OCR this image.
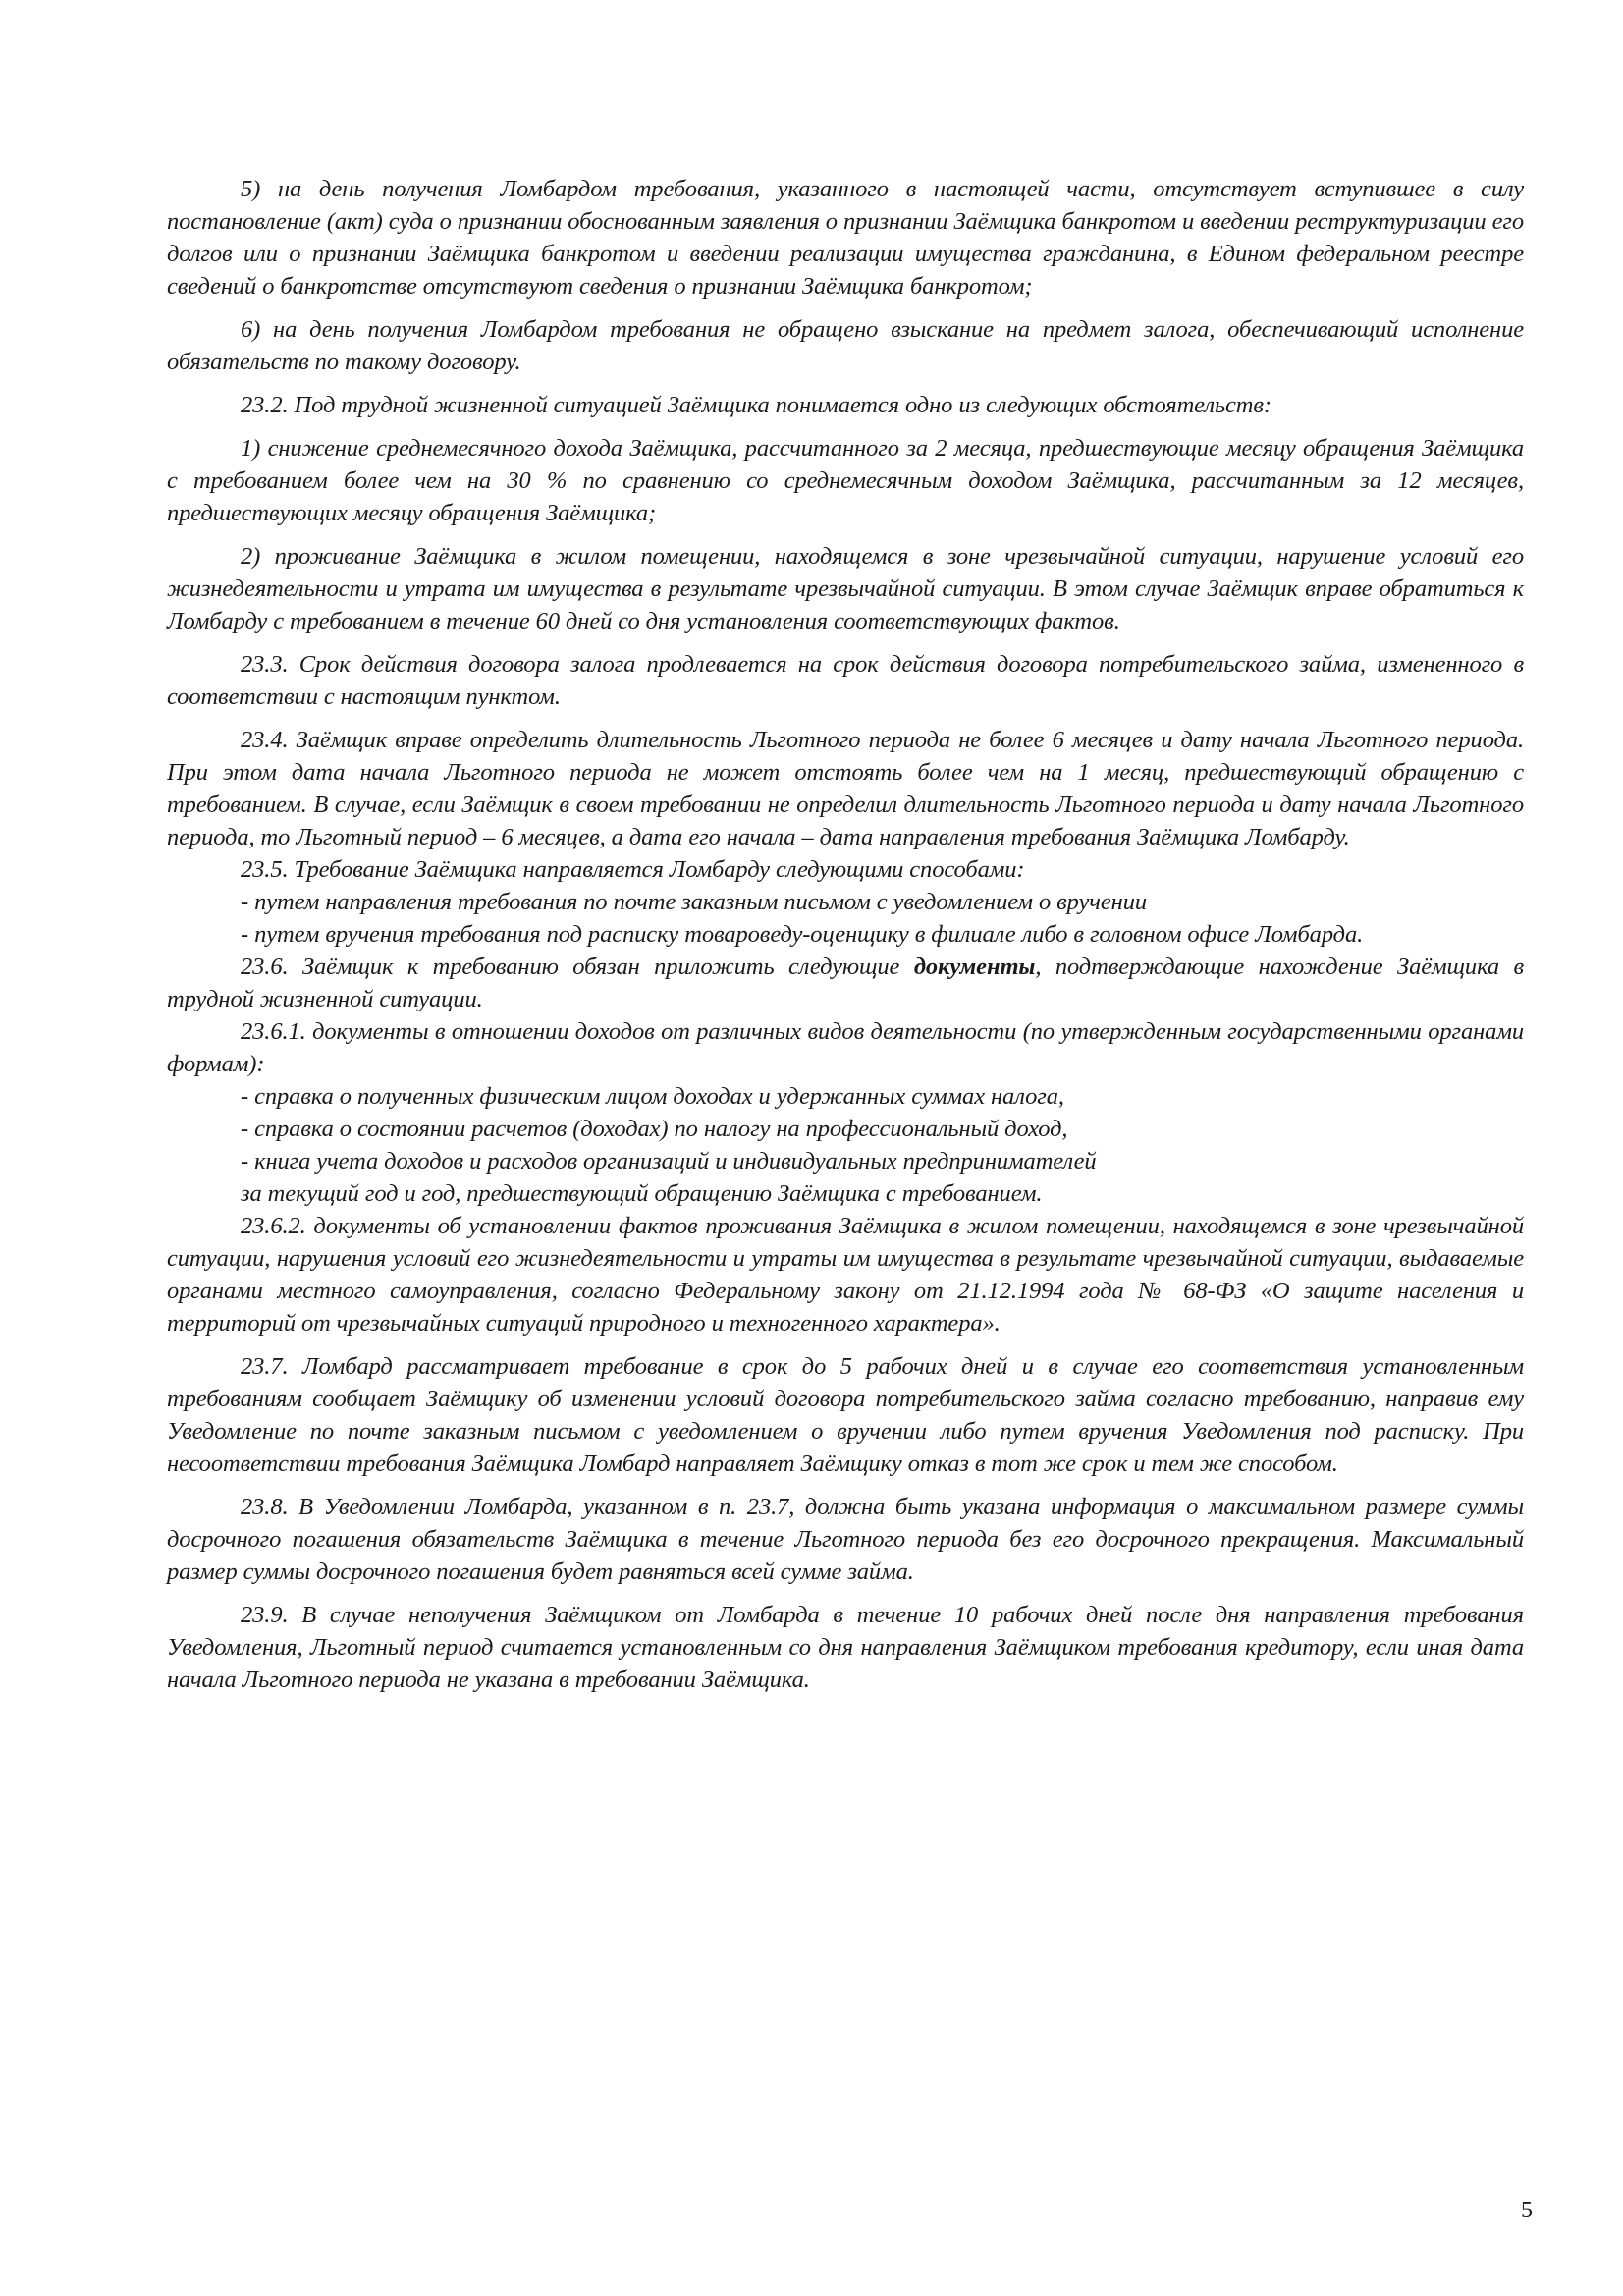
5) на день получения Ломбардом требования, указанного в настоящей части, отсутствует вступившее в силу постановление (акт) суда о признании обоснованным заявления о признании Заёмщика банкротом и введении реструктуризации его долгов или о признании Заёмщика банкротом и введении реализации имущества гражданина, в Едином федеральном реестре сведений о банкротстве отсутствуют сведения о признании Заёмщика банкротом;

6) на день получения Ломбардом требования не обращено взыскание на предмет залога, обеспечивающий исполнение обязательств по такому договору.

23.2. Под трудной жизненной ситуацией Заёмщика понимается одно из следующих обстоятельств:

1) снижение среднемесячного дохода Заёмщика, рассчитанного за 2 месяца, предшествующие месяцу обращения Заёмщика с требованием более чем на 30 % по сравнению со среднемесячным доходом Заёмщика, рассчитанным за 12 месяцев, предшествующих месяцу обращения Заёмщика;

2) проживание Заёмщика в жилом помещении, находящемся в зоне чрезвычайной ситуации, нарушение условий его жизнедеятельности и утрата им имущества в результате чрезвычайной ситуации. В этом случае Заёмщик вправе обратиться к Ломбарду с требованием в течение 60 дней со дня установления соответствующих фактов.

23.3. Срок действия договора залога продлевается на срок действия договора потребительского займа, измененного в соответствии с настоящим пунктом.

23.4. Заёмщик вправе определить длительность Льготного периода не более 6 месяцев и дату начала Льготного периода. При этом дата начала Льготного периода не может отстоять более чем на 1 месяц, предшествующий обращению с требованием. В случае, если Заёмщик в своем требовании не определил длительность Льготного периода и дату начала Льготного периода, то Льготный период – 6 месяцев, а дата его начала – дата направления требования Заёмщика Ломбарду.

23.5. Требование Заёмщика направляется Ломбарду следующими способами:

- путем направления требования по почте заказным письмом с уведомлением о вручении

- путем вручения требования под расписку товароведу-оценщику в филиале либо в головном офисе Ломбарда.

23.6. Заёмщик к требованию обязан приложить следующие документы, подтверждающие нахождение Заёмщика в трудной жизненной ситуации.

23.6.1. документы в отношении доходов от различных видов деятельности (по утвержденным государственными органами формам):

- справка о полученных физическим лицом доходах и удержанных суммах налога,

- справка о состоянии расчетов (доходах) по налогу на профессиональный доход,

- книга учета доходов и расходов организаций и индивидуальных предпринимателей

за текущий год и год, предшествующий обращению Заёмщика с требованием.

23.6.2. документы об установлении фактов проживания Заёмщика в жилом помещении, находящемся в зоне чрезвычайной ситуации, нарушения условий его жизнедеятельности и утраты им имущества в результате чрезвычайной ситуации, выдаваемые органами местного самоуправления, согласно Федеральному закону от 21.12.1994 года № 68-ФЗ «О защите населения и территорий от чрезвычайных ситуаций природного и техногенного характера».

23.7. Ломбард рассматривает требование в срок до 5 рабочих дней и в случае его соответствия установленным требованиям сообщает Заёмщику об изменении условий договора потребительского займа согласно требованию, направив ему Уведомление по почте заказным письмом с уведомлением о вручении либо путем вручения Уведомления под расписку. При несоответствии требования Заёмщика Ломбард направляет Заёмщику отказ в тот же срок и тем же способом.

23.8. В Уведомлении Ломбарда, указанном в п. 23.7, должна быть указана информация о максимальном размере суммы досрочного погашения обязательств Заёмщика в течение Льготного периода без его досрочного прекращения. Максимальный размер суммы досрочного погашения будет равняться всей сумме займа.

23.9. В случае неполучения Заёмщиком от Ломбарда в течение 10 рабочих дней после дня направления требования Уведомления, Льготный период считается установленным со дня направления Заёмщиком требования кредитору, если иная дата начала Льготного периода не указана в требовании Заёмщика.

5
